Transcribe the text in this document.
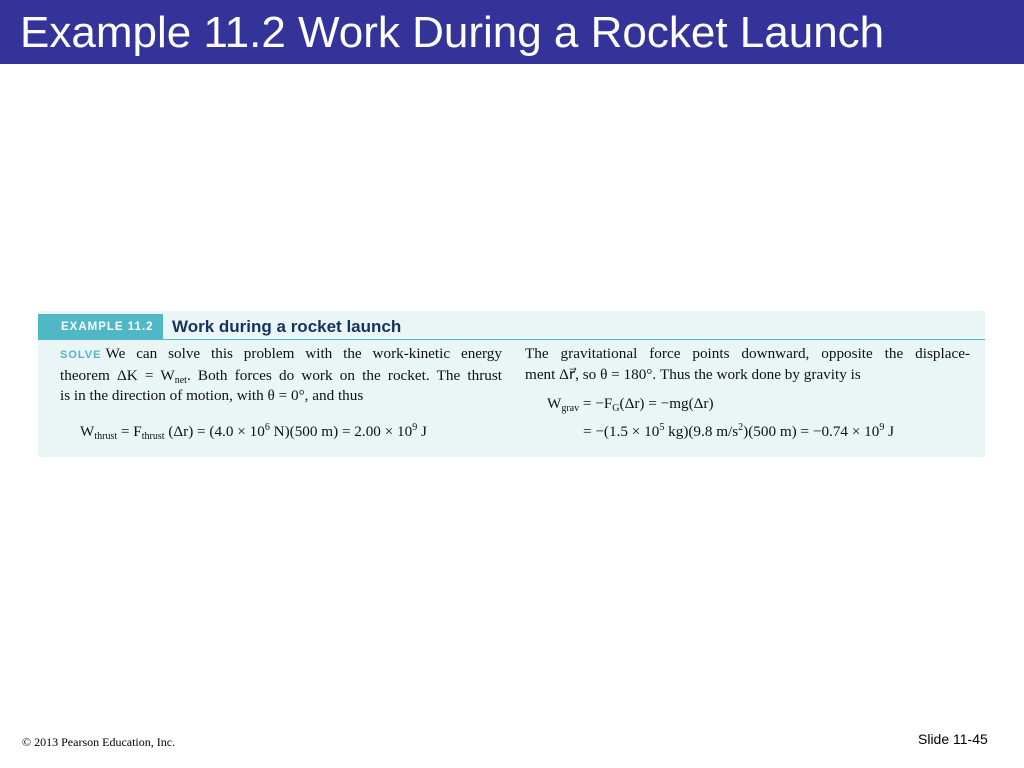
Example 11.2 Work During a Rocket Launch
EXAMPLE 11.2	Work during a rocket launch
SOLVE We can solve this problem with the work-kinetic energy
theorem $\Delta K = W_{net}$. Both forces do work on the rocket. The thrust
is in the direction of motion, with θ = 0°, and thus
The gravitational force points downward, opposite the displace-
ment Δr⃗, so θ = 180°. Thus the work done by gravity is
$W_{thrust} = F_{thrust}$ $(\Delta r) = (4.0 \times 10^6$ N)(500 $m) = 2.00 \times 10^9$ J
$W_{grav} = -F_G(\Delta r) = -mg(\Delta r)$
= $-(1.5 \times 10^5$ kg)(9.8 $m/s^2)(500$ $m) = -0.74 \times 10^9$ J
© 2013 Pearson Education, Inc.	Slide 11-45
